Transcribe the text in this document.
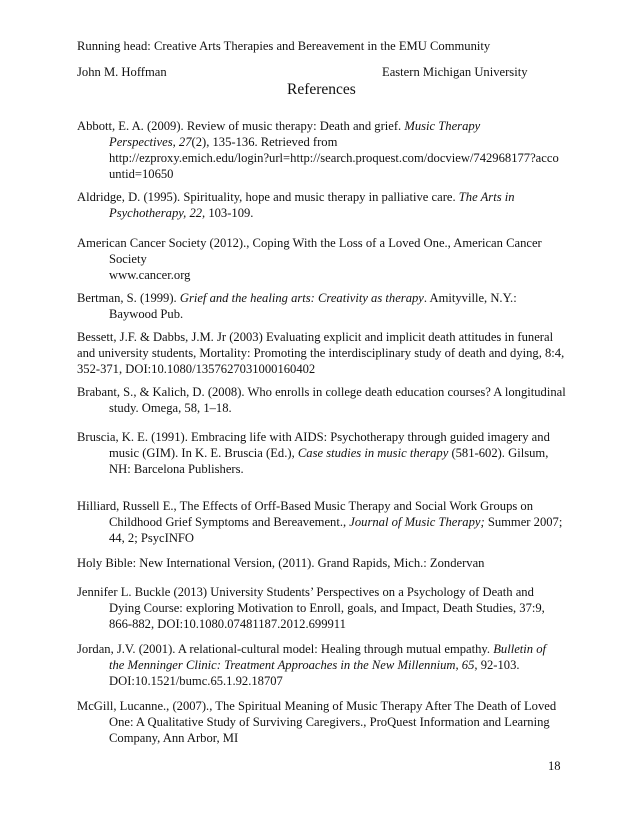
Running head: Creative Arts Therapies and Bereavement in the EMU Community
John M. Hoffman	Eastern Michigan University
References
Abbott, E. A. (2009). Review of music therapy: Death and grief. Music Therapy
Perspectives, 27(2), 135-136. Retrieved from
http://ezproxy.emich.edu/login?url=http://search.proquest.com/docview/742968177?acco
untid=10650
Aldridge, D. (1995). Spirituality, hope and music therapy in palliative care. The Arts in
Psychotherapy, 22, 103-109.
American Cancer Society (2012)., Coping With the Loss of a Loved One., American Cancer
Society
www.cancer.org
Bertman, S. (1999). Grief and the healing arts: Creativity as therapy. Amityville, N.Y.:
Baywood Pub.
Bessett, J.F. & Dabbs, J.M. Jr (2003) Evaluating explicit and implicit death attitudes in funeral
and university students, Mortality: Promoting the interdisciplinary study of death and dying, 8:4,
352-371, DOI:10.1080/1357627031000160402
Brabant, S., & Kalich, D. (2008). Who enrolls in college death education courses? A longitudinal
study. Omega, 58, 1–18.
Bruscia, K. E. (1991). Embracing life with AIDS: Psychotherapy through guided imagery and
music (GIM). In K. E. Bruscia (Ed.), Case studies in music therapy (581-602). Gilsum,
NH: Barcelona Publishers.
Hilliard, Russell E., The Effects of Orff-Based Music Therapy and Social Work Groups on
Childhood Grief Symptoms and Bereavement., Journal of Music Therapy; Summer 2007;
44, 2; PsycINFO
Holy Bible: New International Version, (2011). Grand Rapids, Mich.: Zondervan
Jennifer L. Buckle (2013) University Students’ Perspectives on a Psychology of Death and
Dying Course: exploring Motivation to Enroll, goals, and Impact, Death Studies, 37:9,
866-882, DOI:10.1080.07481187.2012.699911
Jordan, J.V. (2001). A relational-cultural model: Healing through mutual empathy. Bulletin of
the Menninger Clinic: Treatment Approaches in the New Millennium, 65, 92-103.
DOI:10.1521/bumc.65.1.92.18707
McGill, Lucanne., (2007)., The Spiritual Meaning of Music Therapy After The Death of Loved
One: A Qualitative Study of Surviving Caregivers., ProQuest Information and Learning
Company, Ann Arbor, MI
18
